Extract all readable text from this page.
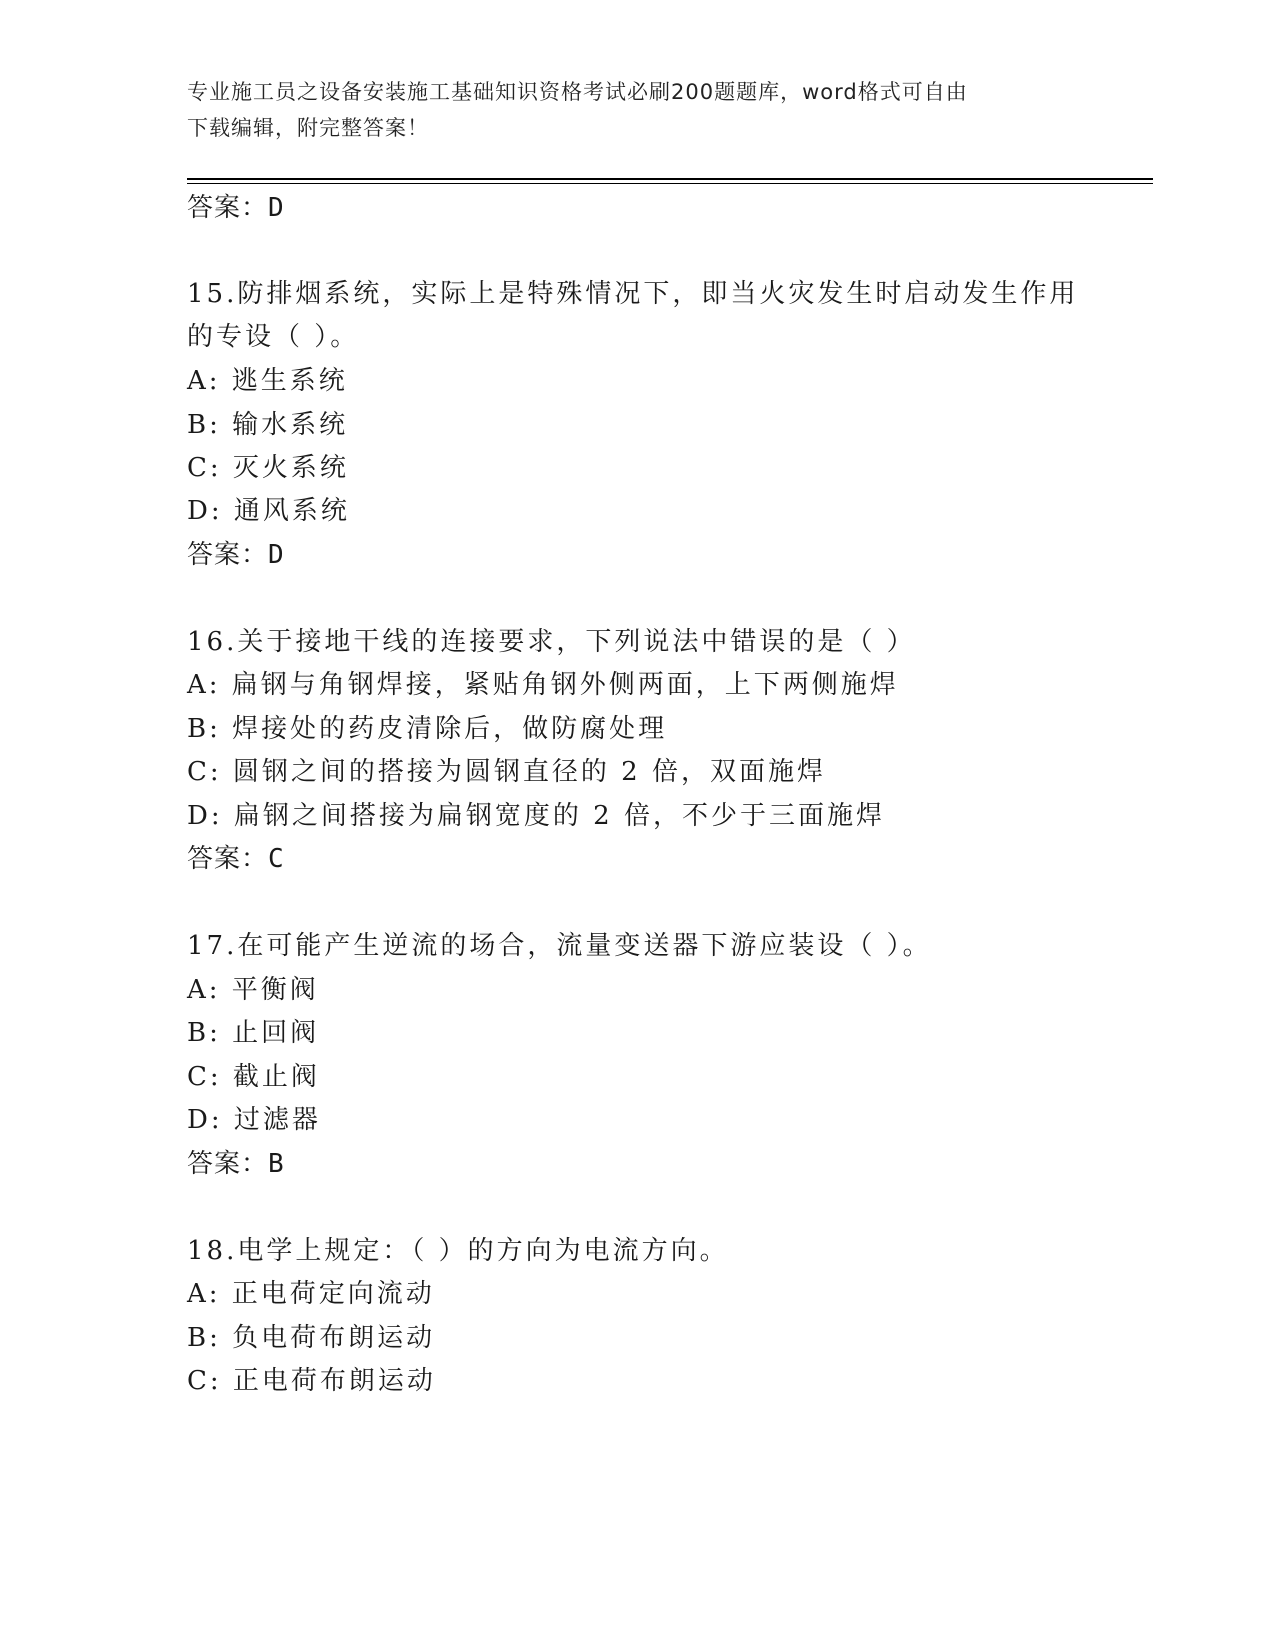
专业施工员之设备安装施工基础知识资格考试必刷200题题库，word格式可自由
下载编辑，附完整答案！
答案：D
15.防排烟系统，实际上是特殊情况下，即当火灾发生时启动发生作用
的专设（ ）。
A: 逃生系统
B: 输水系统
C: 灭火系统
D: 通风系统
答案：D
16.关于接地干线的连接要求，下列说法中错误的是（ ）
A: 扁钢与角钢焊接，紧贴角钢外侧两面，上下两侧施焊
B: 焊接处的药皮清除后，做防腐处理
C: 圆钢之间的搭接为圆钢直径的 2 倍，双面施焊
D: 扁钢之间搭接为扁钢宽度的 2 倍，不少于三面施焊
答案：C
17.在可能产生逆流的场合，流量变送器下游应装设（ ）。
A: 平衡阀
B: 止回阀
C: 截止阀
D: 过滤器
答案：B
18.电学上规定：（ ）的方向为电流方向。
A: 正电荷定向流动
B: 负电荷布朗运动
C: 正电荷布朗运动
